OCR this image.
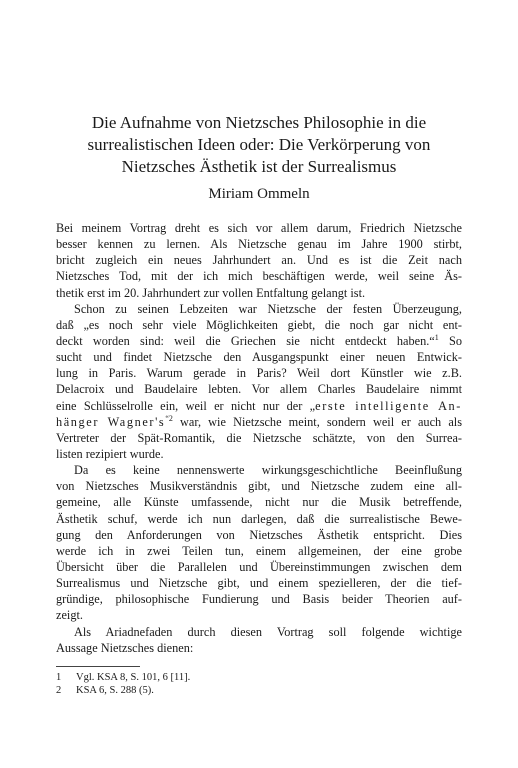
Die Aufnahme von Nietzsches Philosophie in die
surrealistischen Ideen oder: Die Verkörperung von
Nietzsches Ästhetik ist der Surrealismus
Miriam Ommeln
Bei meinem Vortrag dreht es sich vor allem darum, Friedrich Nietzsche
besser kennen zu lernen. Als Nietzsche genau im Jahre 1900 stirbt,
bricht zugleich ein neues Jahrhundert an. Und es ist die Zeit nach
Nietzsches Tod, mit der ich mich beschäftigen werde, weil seine Äs-
thetik erst im 20. Jahrhundert zur vollen Entfaltung gelangt ist.
Schon zu seinen Lebzeiten war Nietzsche der festen Überzeugung,
daß „es noch sehr viele Möglichkeiten giebt, die noch gar nicht ent-
deckt worden sind: weil die Griechen sie nicht entdeckt haben.“$^1$ So
sucht und findet Nietzsche den Ausgangspunkt einer neuen Entwick-
lung in Paris. Warum gerade in Paris? Weil dort Künstler wie z.B.
Delacroix und Baudelaire lebten. Vor allem Charles Baudelaire nimmt
eine Schlüsselrolle ein, weil er nicht nur der „erste intelligente An-
hänger $Wagner's^{“2}$ war, wie Nietzsche meint, sondern weil er auch als
Vertreter der Spät-Romantik, die Nietzsche schätzte, von den Surrea-
listen rezipiert wurde.
Da es keine nennenswerte wirkungsgeschichtliche Beeinflußung
von Nietzsches Musikverständnis gibt, und Nietzsche zudem eine all-
gemeine, alle Künste umfassende, nicht nur die Musik betreffende,
Ästhetik schuf, werde ich nun darlegen, daß die surrealistische Bewe-
gung den Anforderungen von Nietzsches Ästhetik entspricht. Dies
werde ich in zwei Teilen tun, einem allgemeinen, der eine grobe
Übersicht über die Parallelen und Übereinstimmungen zwischen dem
Surrealismus und Nietzsche gibt, und einem spezielleren, der die tief-
gründige, philosophische Fundierung und Basis beider Theorien auf-
zeigt.
Als Ariadnefaden durch diesen Vortrag soll folgende wichtige
Aussage Nietzsches dienen:
1	Vgl. KSA 8, S. 101, 6 [11].
2	KSA 6, S. 288 (5).
